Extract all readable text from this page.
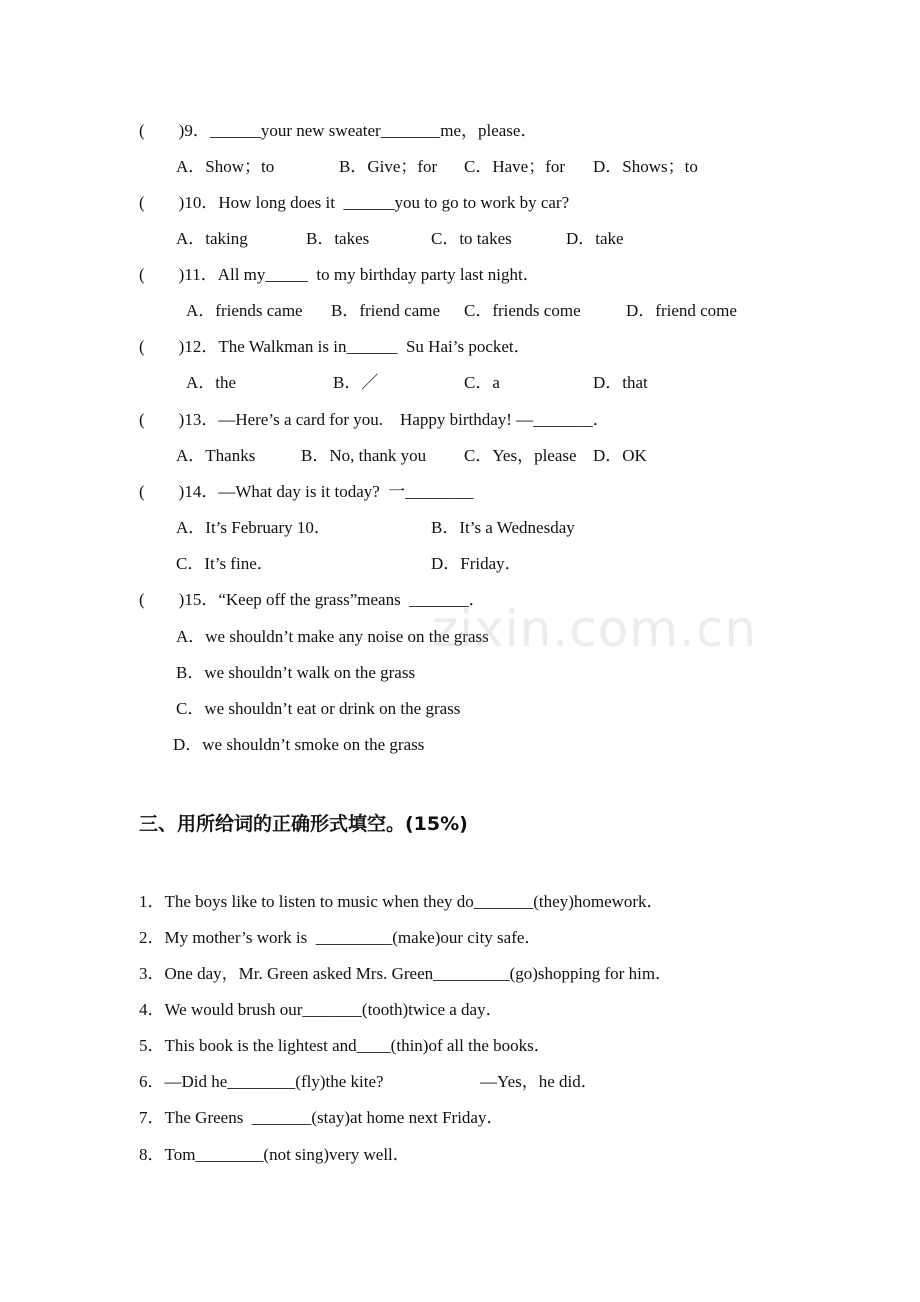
(        )9．______your new sweater_______me，please．
A．Show；to	B．Give；for C．Have；for D．Shows；to
(        )10．How long does it  ______you to go to work by car?
A．taking	B．takes	C．to takes	D．take
(        )11．All my_____  to my birthday party last night．
A．friends came B．friend came C．friends come	D．friend come
(        )12．The Walkman is in______  Su Hai’s pocket．
A．the	B．／	C．a	D．that
(        )13．—Here’s a card for you.    Happy birthday! —_______．
A．Thanks	B．No, thank you C．Yes，please D．OK
(        )14．—What day is it today?  一________
A．It’s February 10．	B．It’s a Wednesday
C．It’s fine．	D．Friday．
(        )15．“Keep off the grass”means  _______．
A．we shouldn’t make any noise on the grass
B．we shouldn’t walk on the grass
C．we shouldn’t eat or drink on the grass
D．we shouldn’t smoke on the grass
zixin.com.cn
三、用所给词的正确形式填空。(15%)
1．The boys like to listen to music when they do_______(they)homework．
2．My mother’s work is  _________(make)our city safe．
3．One day，Mr. Green asked Mrs. Green_________(go)shopping for him．
4．We would brush our_______(tooth)twice a day．
5．This book is the lightest and____(thin)of all the books．
6．—Did he________(fly)the kite?	—Yes，he did．
7．The Greens  _______(stay)at home next Friday．
8．Tom________(not sing)very well．
